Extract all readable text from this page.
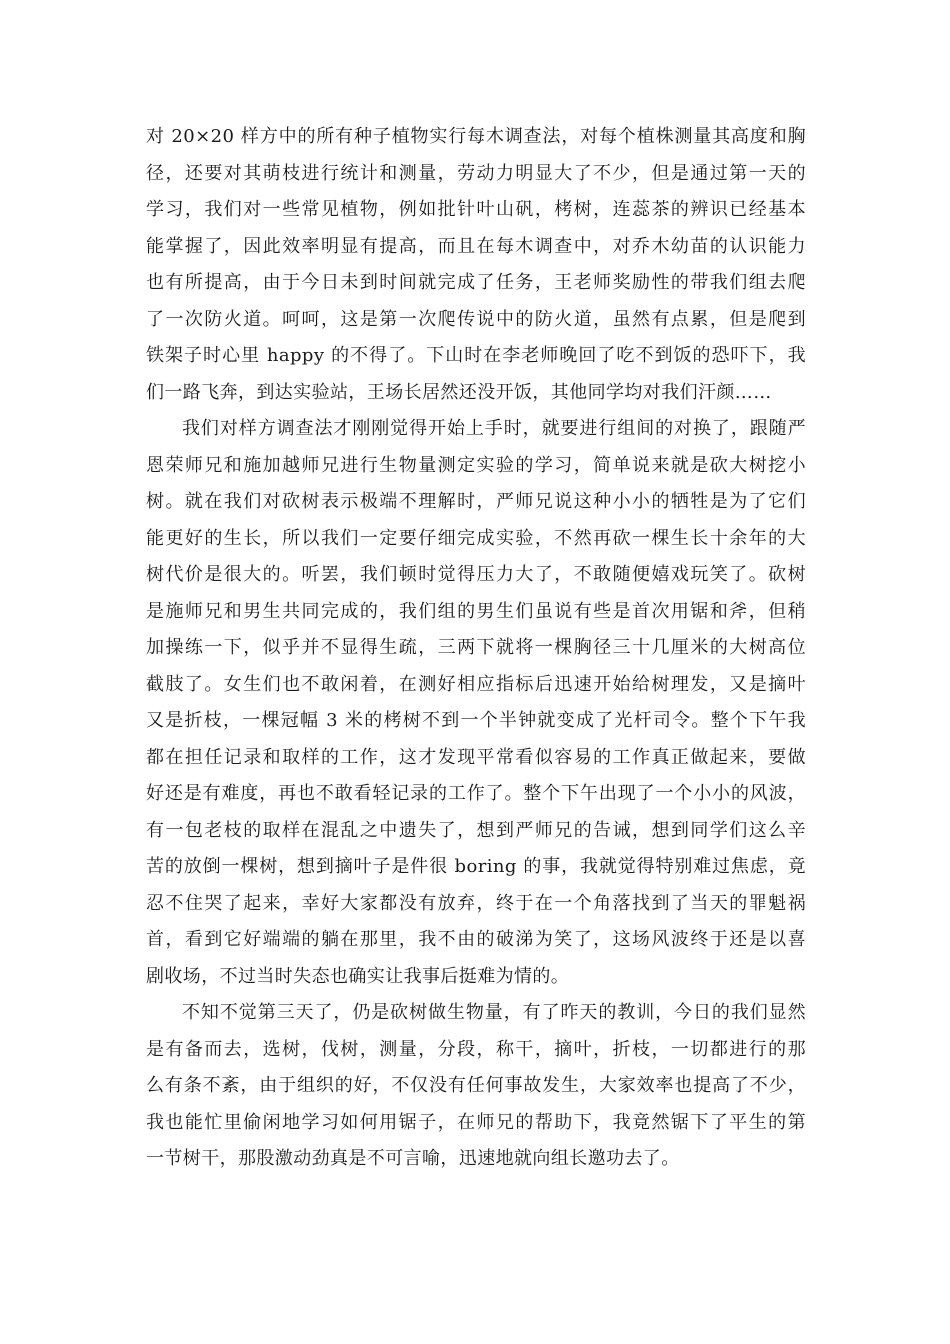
对 20×20 样方中的所有种子植物实行每木调查法，对每个植株测量其高度和胸
径，还要对其萌枝进行统计和测量，劳动力明显大了不少，但是通过第一天的
学习，我们对一些常见植物，例如批针叶山矾，栲树，连蕊茶的辨识已经基本
能掌握了，因此效率明显有提高，而且在每木调查中，对乔木幼苗的认识能力
也有所提高，由于今日未到时间就完成了任务，王老师奖励性的带我们组去爬
了一次防火道。呵呵，这是第一次爬传说中的防火道，虽然有点累，但是爬到
铁架子时心里 happy 的不得了。下山时在李老师晚回了吃不到饭的恐吓下，我
们一路飞奔，到达实验站，王场长居然还没开饭，其他同学均对我们汗颜……

我们对样方调查法才刚刚觉得开始上手时，就要进行组间的对换了，跟随严
恩荣师兄和施加越师兄进行生物量测定实验的学习，简单说来就是砍大树挖小
树。就在我们对砍树表示极端不理解时，严师兄说这种小小的牺牲是为了它们
能更好的生长，所以我们一定要仔细完成实验，不然再砍一棵生长十余年的大
树代价是很大的。听罢，我们顿时觉得压力大了，不敢随便嬉戏玩笑了。砍树
是施师兄和男生共同完成的，我们组的男生们虽说有些是首次用锯和斧，但稍
加操练一下，似乎并不显得生疏，三两下就将一棵胸径三十几厘米的大树高位
截肢了。女生们也不敢闲着，在测好相应指标后迅速开始给树理发，又是摘叶
又是折枝，一棵冠幅 3 米的栲树不到一个半钟就变成了光杆司令。整个下午我
都在担任记录和取样的工作，这才发现平常看似容易的工作真正做起来，要做
好还是有难度，再也不敢看轻记录的工作了。整个下午出现了一个小小的风波，
有一包老枝的取样在混乱之中遗失了，想到严师兄的告诫，想到同学们这么辛
苦的放倒一棵树，想到摘叶子是件很 boring 的事，我就觉得特别难过焦虑，竟
忍不住哭了起来，幸好大家都没有放弃，终于在一个角落找到了当天的罪魁祸
首，看到它好端端的躺在那里，我不由的破涕为笑了，这场风波终于还是以喜
剧收场，不过当时失态也确实让我事后挺难为情的。

不知不觉第三天了，仍是砍树做生物量，有了昨天的教训，今日的我们显然
是有备而去，选树，伐树，测量，分段，称干，摘叶，折枝，一切都进行的那
么有条不紊，由于组织的好，不仅没有任何事故发生，大家效率也提高了不少，
我也能忙里偷闲地学习如何用锯子，在师兄的帮助下，我竟然锯下了平生的第
一节树干，那股激动劲真是不可言喻，迅速地就向组长邀功去了。
